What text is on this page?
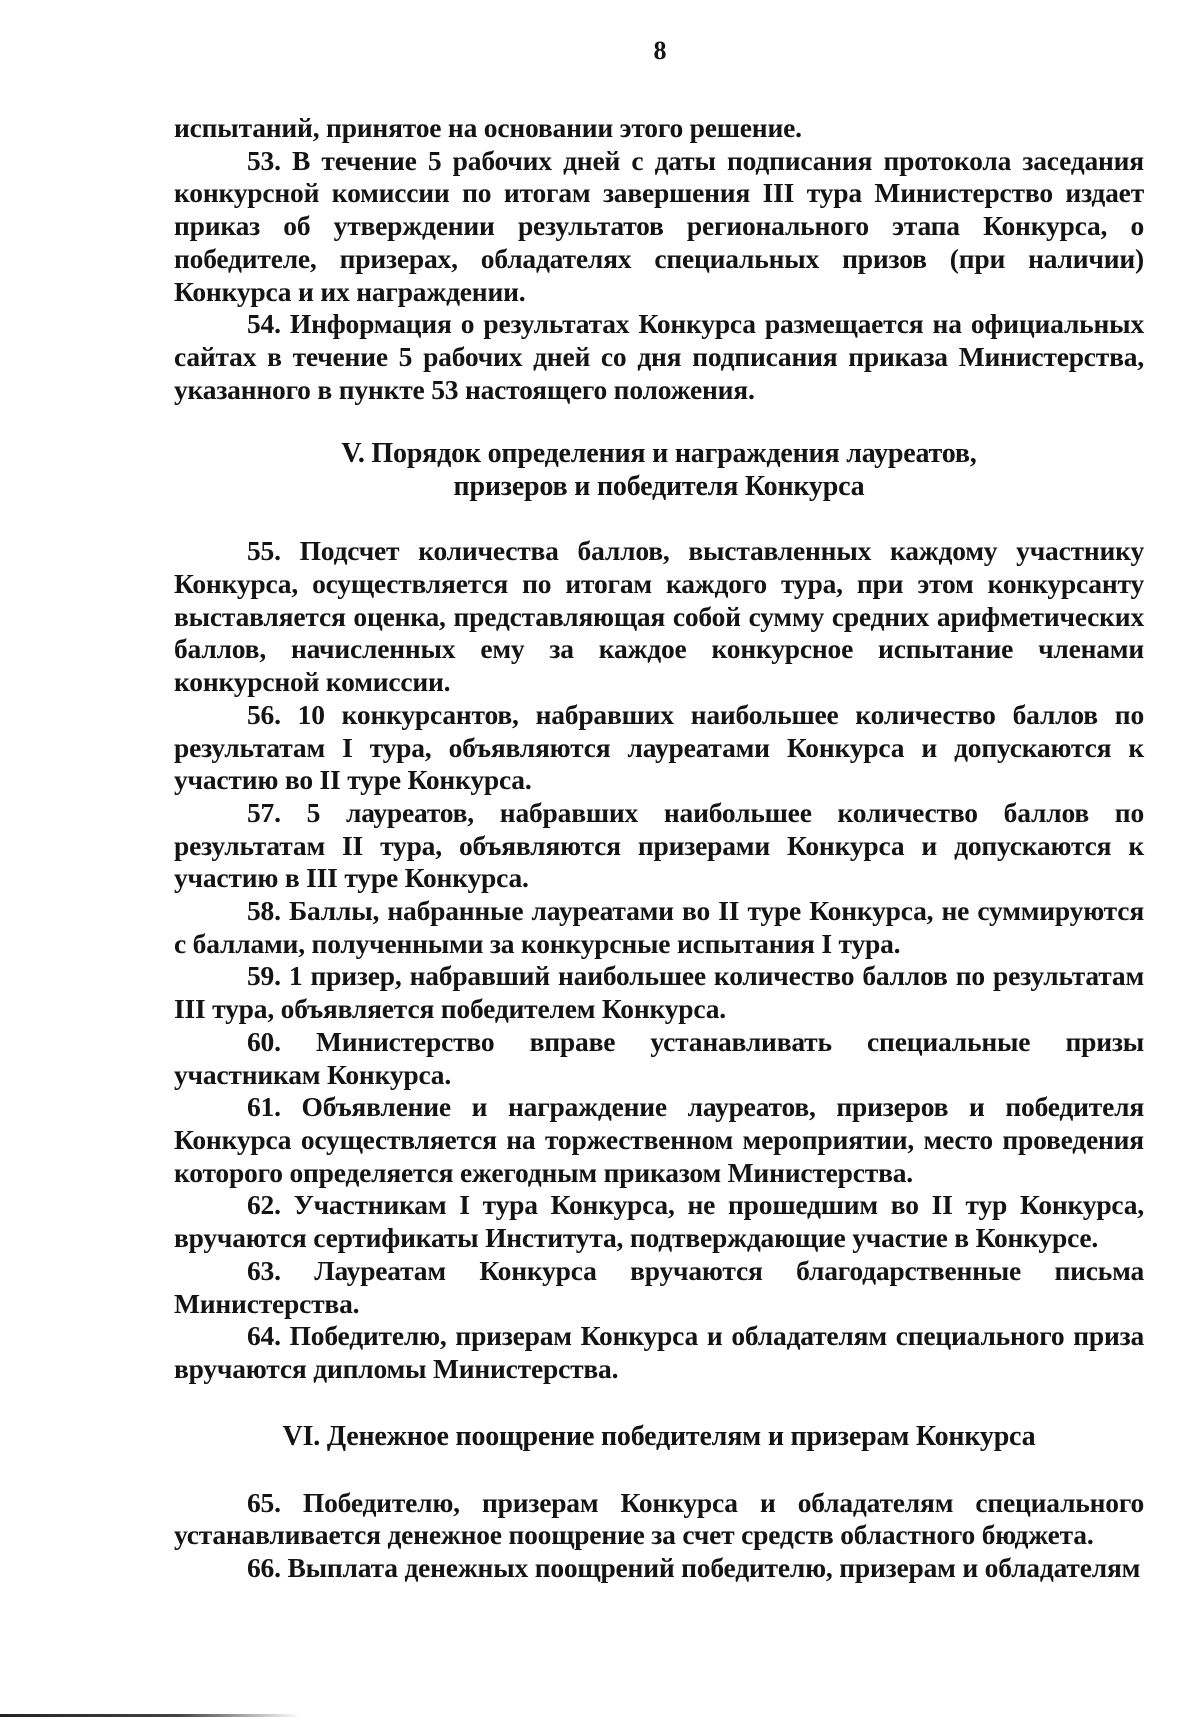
8

испытаний, принятое на основании этого решение.

53. В течение 5 рабочих дней с даты подписания протокола заседания конкурсной комиссии по итогам завершения III тура Министерство издает приказ об утверждении результатов регионального этапа Конкурса, о победителе, призерах, обладателях специальных призов (при наличии) Конкурса и их награждении.

54. Информация о результатах Конкурса размещается на официальных сайтах в течение 5 рабочих дней со дня подписания приказа Министерства, указанного в пункте 53 настоящего положения.

V. Порядок определения и награждения лауреатов,
призеров и победителя Конкурса

55. Подсчет количества баллов, выставленных каждому участнику Конкурса, осуществляется по итогам каждого тура, при этом конкурсанту выставляется оценка, представляющая собой сумму средних арифметических баллов, начисленных ему за каждое конкурсное испытание членами конкурсной комиссии.

56. 10 конкурсантов, набравших наибольшее количество баллов по результатам I тура, объявляются лауреатами Конкурса и допускаются к участию во II туре Конкурса.

57. 5 лауреатов, набравших наибольшее количество баллов по результатам II тура, объявляются призерами Конкурса и допускаются к участию в III туре Конкурса.

58. Баллы, набранные лауреатами во II туре Конкурса, не суммируются с баллами, полученными за конкурсные испытания I тура.

59. 1 призер, набравший наибольшее количество баллов по результатам III тура, объявляется победителем Конкурса.

60. Министерство вправе устанавливать специальные призы участникам Конкурса.

61. Объявление и награждение лауреатов, призеров и победителя Конкурса осуществляется на торжественном мероприятии, место проведения которого определяется ежегодным приказом Министерства.

62. Участникам I тура Конкурса, не прошедшим во II тур Конкурса, вручаются сертификаты Института, подтверждающие участие в Конкурсе.

63. Лауреатам Конкурса вручаются благодарственные письма Министерства.

64. Победителю, призерам Конкурса и обладателям специального приза вручаются дипломы Министерства.

VI. Денежное поощрение победителям и призерам Конкурса

65. Победителю, призерам Конкурса и обладателям специального устанавливается денежное поощрение за счет средств областного бюджета.

66. Выплата денежных поощрений победителю, призерам и обладателям
